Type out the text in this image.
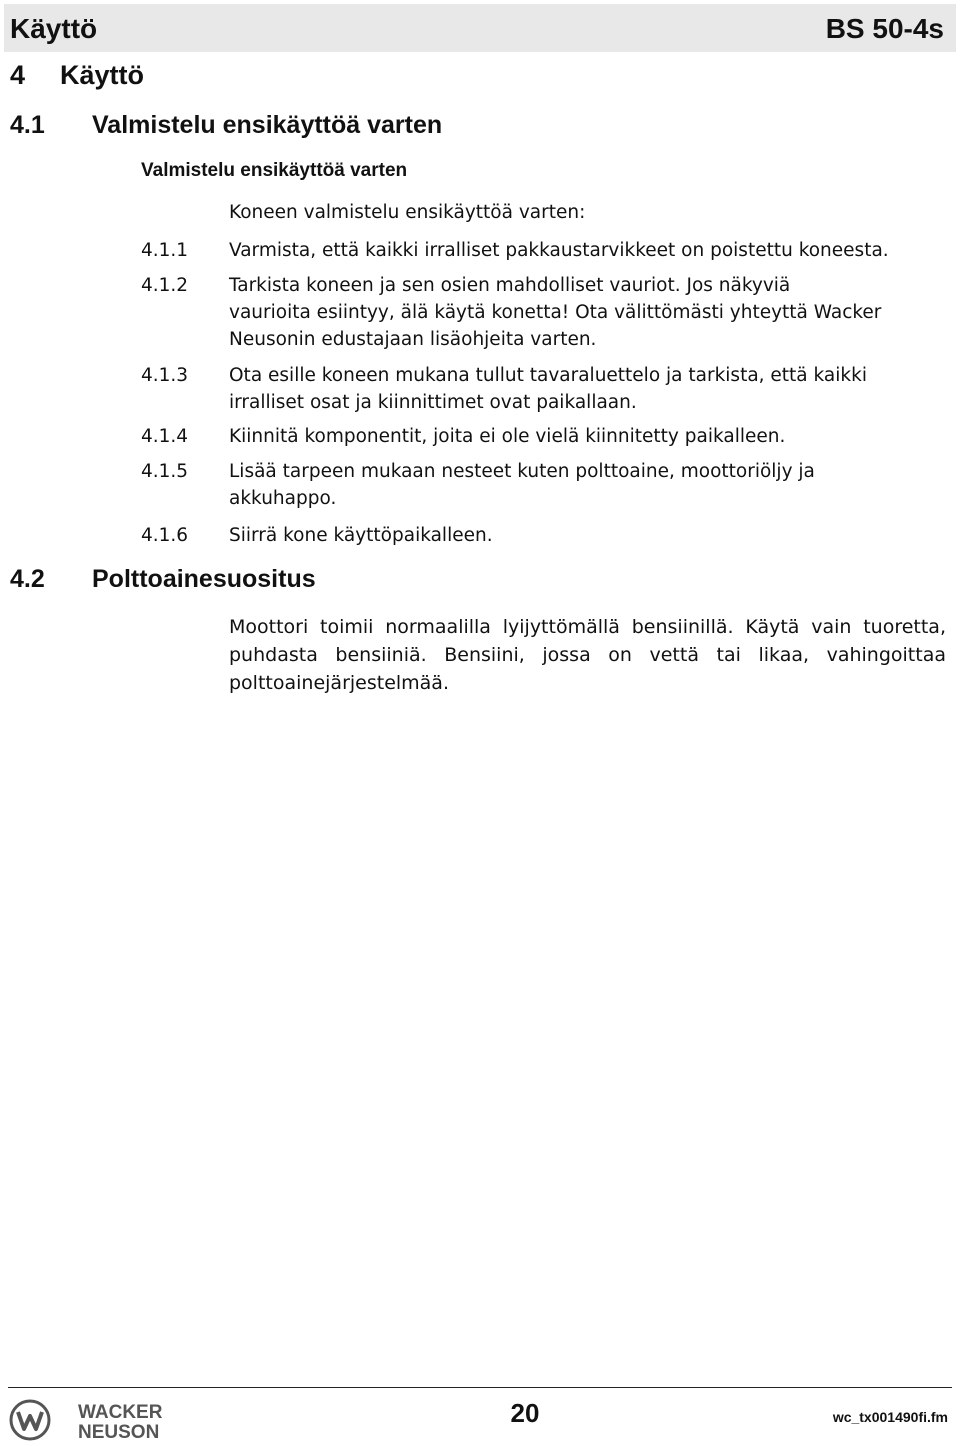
Käyttö	BS 50-4s
4 Käyttö
4.1 Valmistelu ensikäyttöä varten
Valmistelu ensikäyttöä varten
Koneen valmistelu ensikäyttöä varten:
4.1.1	Varmista, että kaikki irralliset pakkaustarvikkeet on poistettu koneesta.
4.1.2	Tarkista koneen ja sen osien mahdolliset vauriot. Jos näkyviä
vaurioita esiintyy, älä käytä konetta! Ota välittömästi yhteyttä Wacker
Neusonin edustajaan lisäohjeita varten.
4.1.3	Ota esille koneen mukana tullut tavaraluettelo ja tarkista, että kaikki
irralliset osat ja kiinnittimet ovat paikallaan.
4.1.4	Kiinnitä komponentit, joita ei ole vielä kiinnitetty paikalleen.
4.1.5	Lisää tarpeen mukaan nesteet kuten polttoaine, moottoriöljy ja
akkuhappo.
4.1.6	Siirrä kone käyttöpaikalleen.
4.2 Polttoainesuositus
Moottori toimii normaalilla lyijyttömällä bensiinillä. Käytä vain tuoretta, puhdasta bensiiniä. Bensiini, jossa on vettä tai likaa, vahingoittaa polttoainejärjestelmää.
WACKER
NEUSON
20	wc_tx001490fi.fm
